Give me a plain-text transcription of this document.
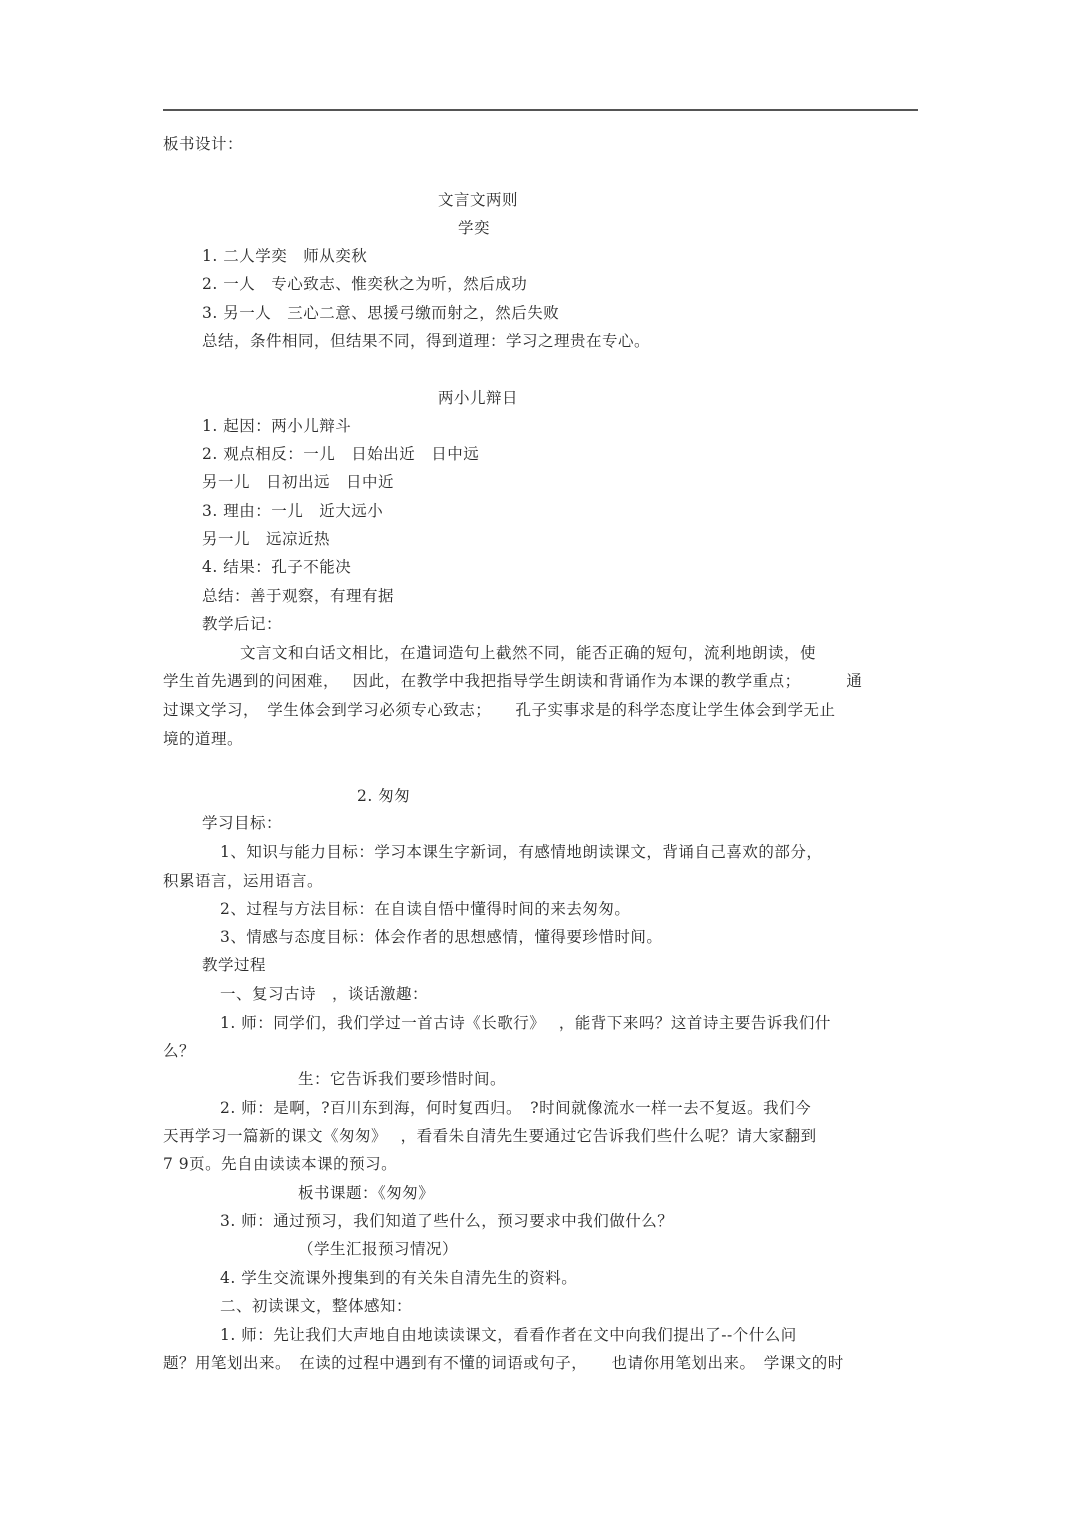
板书设计：
文言文两则
学奕
1. 二人学奕　师从奕秋
2. 一人　专心致志、惟奕秋之为听，然后成功
3. 另一人　三心二意、思援弓缴而射之，然后失败
总结，条件相同，但结果不同，得到道理：学习之理贵在专心。
两小儿辩日
1. 起因：两小儿辩斗
2. 观点相反：一儿　日始出近　日中远
另一儿　日初出远　日中近
3. 理由：一儿　近大远小
另一儿　远凉近热
4. 结果：孔子不能决
总结：善于观察，有理有据
教学后记：
文言文和白话文相比，在遣词造句上截然不同，能否正确的短句，流利地朗读，使
学生首先遇到的问困难，　 因此，在教学中我把指导学生朗读和背诵作为本课的教学重点；　　　 通
过课文学习，　学生体会到学习必须专心致志；　　孔子实事求是的科学态度让学生体会到学无止
境的道理。
2. 匆匆
学习目标：
1、知识与能力目标：学习本课生字新词，有感情地朗读课文，背诵自己喜欢的部分，
积累语言，运用语言。
2、过程与方法目标：在自读自悟中懂得时间的来去匆匆。
3、情感与态度目标：体会作者的思想感情，懂得要珍惜时间。
教学过程
一、复习古诗　，谈话激趣：
1. 师：同学们，我们学过一首古诗《长歌行》　 ，能背下来吗？这首诗主要告诉我们什
么？
生：它告诉我们要珍惜时间。
2. 师：是啊，?百川东到海，何时复西归。　?时间就像流水一样一去不复返。我们今
天再学习一篇新的课文《匆匆》　 ，看看朱自清先生要通过它告诉我们些什么呢？请大家翻到
7 9页。先自由读读本课的预习。
板书课题：《匆匆》
3. 师：通过预习，我们知道了些什么，预习要求中我们做什么？
（学生汇报预习情况）
4. 学生交流课外搜集到的有关朱自清先生的资料。
二、初读课文，整体感知：
1. 师：先让我们大声地自由地读读课文，看看作者在文中向我们提出了--个什么问
题？用笔划出来。　在读的过程中遇到有不懂的词语或句子，　　也请你用笔划出来。　学课文的时
